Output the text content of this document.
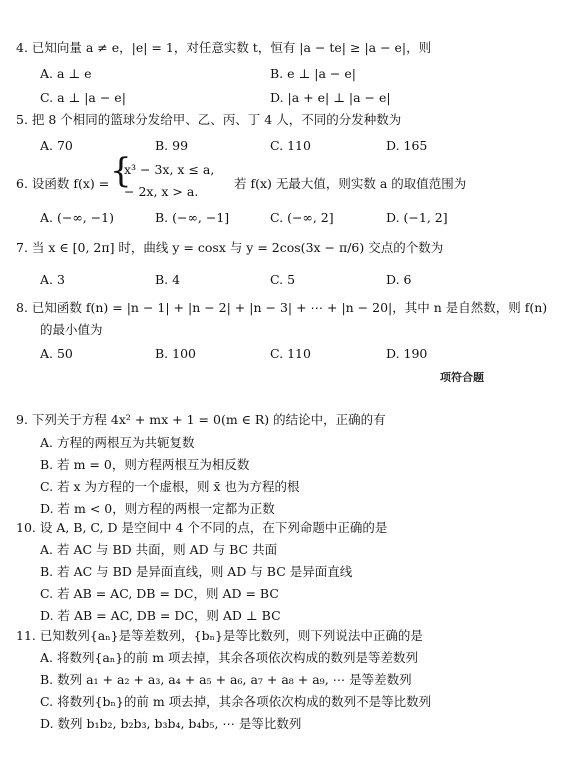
4. 已知向量 a ≠ e，|e| = 1，对任意实数 t，恒有 |a − te| ≥ |a − e|，则
A. a ⊥ e	B. e ⊥ |a − e|
C. a ⊥ |a − e|	D. |a + e| ⊥ |a − e|
5. 把 8 个相同的篮球分发给甲、乙、丙、丁 4 人，不同的分发种数为
A. 70	B. 99	C. 110	D. 165
6. 设函数 f(x) = {
x³ − 3x, x ≤ a,
− 2x, x > a.
若 f(x) 无最大值，则实数 a 的取值范围为
A. (−∞, −1)	B. (−∞, −1]	C. (−∞, 2]	D. (−1, 2]
7. 当 x ∈ [0, 2π] 时，曲线 y = cosx 与 y = 2cos(3x − π/6) 交点的个数为
A. 3	B. 4	C. 5	D. 6
8. 已知函数 f(n) = |n − 1| + |n − 2| + |n − 3| + ⋯ + |n − 20|，其中 n 是自然数，则 f(n)
的最小值为
A. 50	B. 100	C. 110	D. 190
项符合题
9. 下列关于方程 4x² + mx + 1 = 0(m ∈ R) 的结论中，正确的有
A. 方程的两根互为共轭复数
B. 若 m = 0，则方程两根互为相反数
C. 若 x 为方程的一个虚根，则 x̄ 也为方程的根
D. 若 m < 0，则方程的两根一定都为正数
10. 设 A, B, C, D 是空间中 4 个不同的点，在下列命题中正确的是
A. 若 AC 与 BD 共面，则 AD 与 BC 共面
B. 若 AC 与 BD 是异面直线，则 AD 与 BC 是异面直线
C. 若 AB = AC, DB = DC，则 AD = BC
D. 若 AB = AC, DB = DC，则 AD ⊥ BC
11. 已知数列{aₙ}是等差数列，{bₙ}是等比数列，则下列说法中正确的是
A. 将数列{aₙ}的前 m 项去掉，其余各项依次构成的数列是等差数列
B. 数列 a₁ + a₂ + a₃, a₄ + a₅ + a₆, a₇ + a₈ + a₉, ⋯ 是等差数列
C. 将数列{bₙ}的前 m 项去掉，其余各项依次构成的数列不是等比数列
D. 数列 b₁b₂, b₂b₃, b₃b₄, b₄b₅, ⋯ 是等比数列
